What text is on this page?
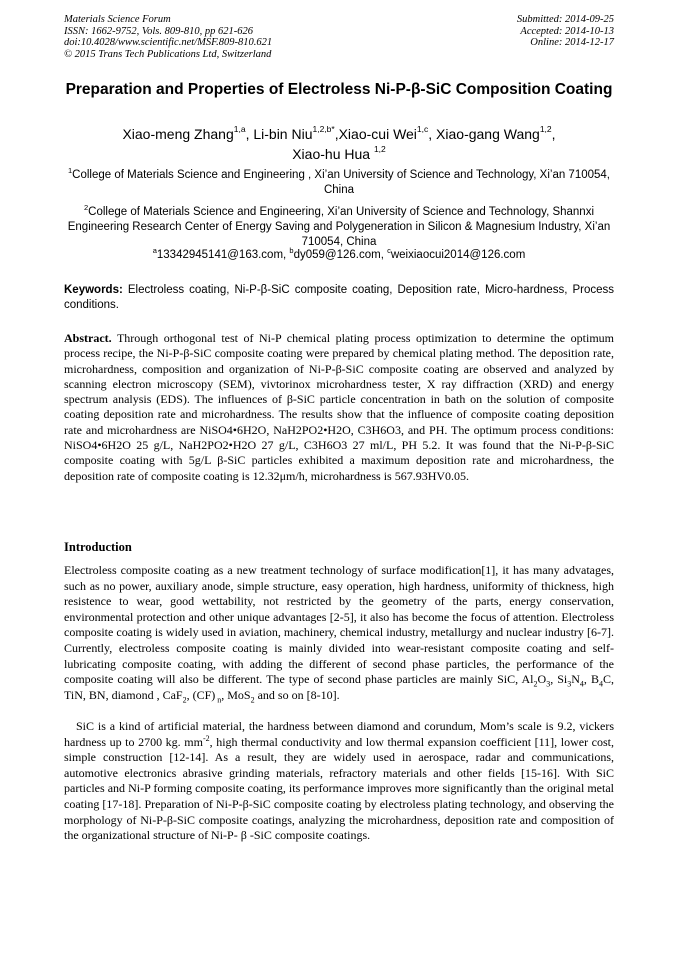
Materials Science Forum
ISSN: 1662-9752, Vols. 809-810, pp 621-626
doi:10.4028/www.scientific.net/MSF.809-810.621
© 2015 Trans Tech Publications Ltd, Switzerland
Submitted: 2014-09-25
Accepted: 2014-10-13
Online: 2014-12-17
Preparation and Properties of Electroless Ni-P-β-SiC Composition Coating
Xiao-meng Zhang$^{1,a}$, Li-bin Niu$^{1,2,b*}$,Xiao-cui Wei$^{1,c}$, Xiao-gang Wang$^{1,2}$,
Xiao-hu Hua $^{1,2}$
$^1$College of Materials Science and Engineering , Xi’an University of Science and Technology, Xi’an 710054, China
$^2$College of Materials Science and Engineering, Xi’an University of Science and Technology, Shannxi Engineering Research Center of Energy Saving and Polygeneration in Silicon & Magnesium Industry, Xi’an 710054, China
$^a$13342945141@163.com, $^b$dy059@126.com, $^c$weixiaocui2014@126.com
Keywords: Electroless coating, Ni-P-β-SiC composite coating, Deposition rate, Micro-hardness, Process conditions.
Abstract. Through orthogonal test of Ni-P chemical plating process optimization to determine the optimum process recipe, the Ni-P-β-SiC composite coating were prepared by chemical plating method. The deposition rate, microhardness, composition and organization of Ni-P-β-SiC composite coating are observed and analyzed by scanning electron microscopy (SEM), vivtorinox microhardness tester, X ray diffraction (XRD) and energy spectrum analysis (EDS). The influences of β-SiC particle concentration in bath on the solution of composite coating deposition rate and microhardness. The results show that the influence of composite coating deposition rate and microhardness are NiSO4•6H2O, NaH2PO2•H2O, C3H6O3, and PH. The optimum process conditions: NiSO4•6H2O 25 g/L, NaH2PO2•H2O 27 g/L, C3H6O3 27 ml/L, PH 5.2. It was found that the Ni-P-β-SiC composite coating with 5g/L β-SiC particles exhibited a maximum deposition rate and microhardness, the deposition rate of composite coating is 12.32μm/h, microhardness is 567.93HV0.05.
Introduction
Electroless composite coating as a new treatment technology of surface modification[1], it has many advatages, such as no power, auxiliary anode, simple structure, easy operation, high hardness, uniformity of thickness, high resistence to wear, good wettability, not restricted by the geometry of the parts, energy conservation, environmental protection and other unique advantages [2-5], it also has become the focus of attention. Electroless composite coating is widely used in aviation, machinery, chemical industry, metallurgy and nuclear industry [6-7]. Currently, electroless composite coating is mainly divided into wear-resistant composite coating and self-lubricating composite coating, with adding the different of second phase particles, the performance of the composite coating will also be different. The type of second phase particles are mainly SiC, $Al_2O_3$, $Si_3N_4$, $B_4C$, TiN, BN, diamond , CaF$_2$, (CF) $_n$, MoS$_2$ and so on [8-10].
SiC is a kind of artificial material, the hardness between diamond and corundum, Mom’s scale is 9.2, vickers hardness up to 2700 kg. $mm^{-2}$, high thermal conductivity and low thermal expansion coefficient [11], lower cost, simple construction [12-14]. As a result, they are widely used in aerospace, radar and communications, automotive electronics abrasive grinding materials, refractory materials and other fields [15-16]. With SiC particles and Ni-P forming composite coating, its performance improves more significantly than the original metal coating [17-18]. Preparation of Ni-P-β-SiC composite coating by electroless plating technology, and observing the morphology of Ni-P-β-SiC composite coatings, analyzing the microhardness, deposition rate and composition of the organizational structure of Ni-P- β -SiC composite coatings.
